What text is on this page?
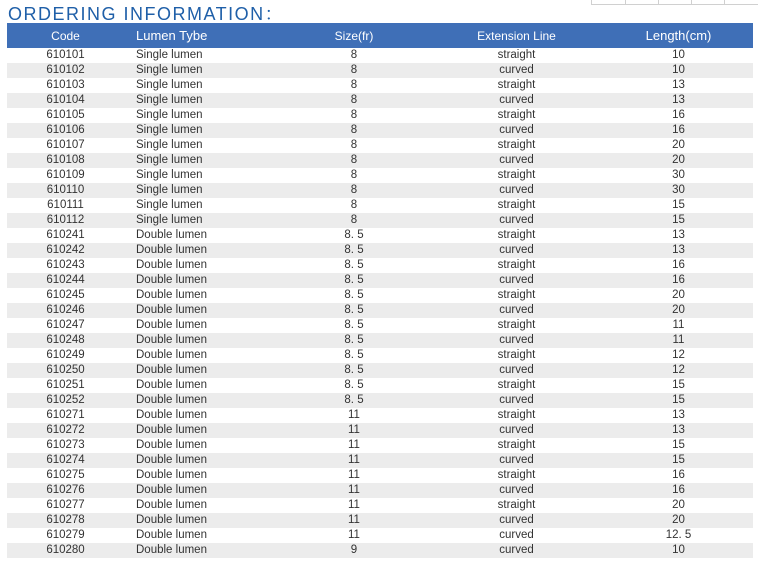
ORDERING INFORMATION：
Code	Lumen Tybe	Size(fr)	Extension Line	Length(cm)
610101	Single lumen	8	straight	10
610102	Single lumen	8	curved	10
610103	Single lumen	8	straight	13
610104	Single lumen	8	curved	13
610105	Single lumen	8	straight	16
610106	Single lumen	8	curved	16
610107	Single lumen	8	straight	20
610108	Single lumen	8	curved	20
610109	Single lumen	8	straight	30
610110	Single lumen	8	curved	30
610111	Single lumen	8	straight	15
610112	Single lumen	8	curved	15
610241	Double lumen	8. 5	straight	13
610242	Double lumen	8. 5	curved	13
610243	Double lumen	8. 5	straight	16
610244	Double lumen	8. 5	curved	16
610245	Double lumen	8. 5	straight	20
610246	Double lumen	8. 5	curved	20
610247	Double lumen	8. 5	straight	11
610248	Double lumen	8. 5	curved	11
610249	Double lumen	8. 5	straight	12
610250	Double lumen	8. 5	curved	12
610251	Double lumen	8. 5	straight	15
610252	Double lumen	8. 5	curved	15
610271	Double lumen	11	straight	13
610272	Double lumen	11	curved	13
610273	Double lumen	11	straight	15
610274	Double lumen	11	curved	15
610275	Double lumen	11	straight	16
610276	Double lumen	11	curved	16
610277	Double lumen	11	straight	20
610278	Double lumen	11	curved	20
610279	Double lumen	11	curved	12. 5
610280	Double lumen	9	curved	10
